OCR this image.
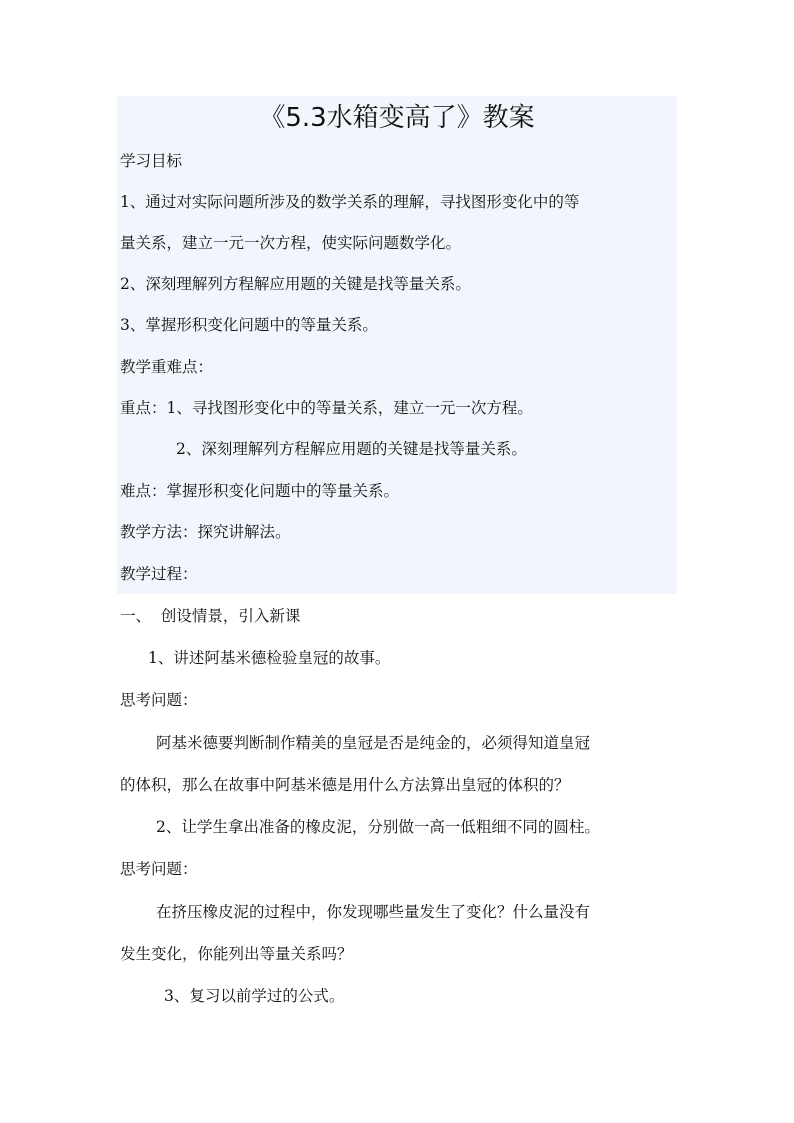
《5.3水箱变高了》教案
学习目标
1、通过对实际问题所涉及的数学关系的理解，寻找图形变化中的等
量关系，建立一元一次方程，使实际问题数学化。
2、深刻理解列方程解应用题的关键是找等量关系。
3、掌握形积变化问题中的等量关系。
教学重难点：
重点：1、寻找图形变化中的等量关系，建立一元一次方程。
2、深刻理解列方程解应用题的关键是找等量关系。
难点：掌握形积变化问题中的等量关系。
教学方法：探究讲解法。
教学过程：
一、  创设情景，引入新课
1、讲述阿基米德检验皇冠的故事。
思考问题：
阿基米德要判断制作精美的皇冠是否是纯金的，必须得知道皇冠
的体积，那么在故事中阿基米德是用什么方法算出皇冠的体积的？
2、让学生拿出准备的橡皮泥，分别做一高一低粗细不同的圆柱。
思考问题：
在挤压橡皮泥的过程中，你发现哪些量发生了变化？什么量没有
发生变化，你能列出等量关系吗？
3、复习以前学过的公式。
